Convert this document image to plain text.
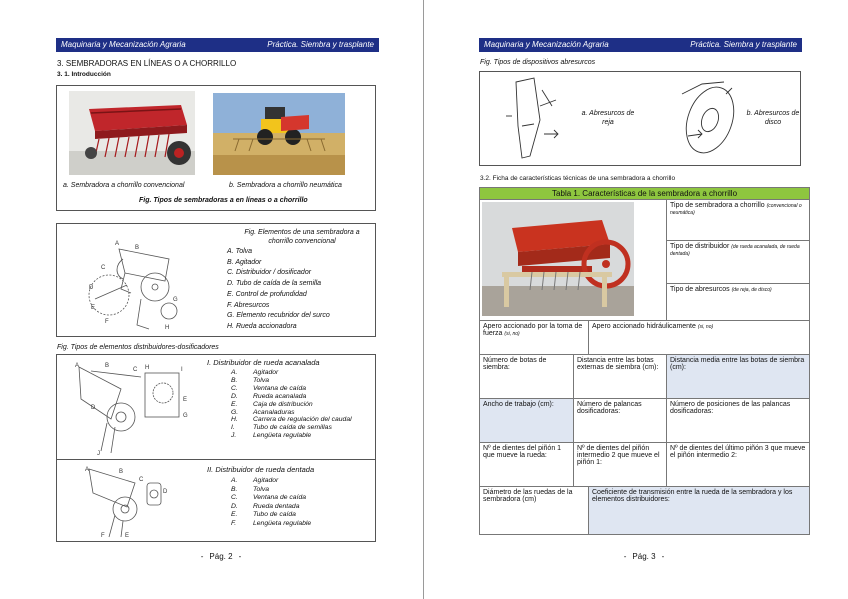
Maquinaria y Mecanización Agraria	Práctica. Siembra y trasplante
3. SEMBRADORAS EN LÍNEAS O A CHORRILLO
3. 1. Introducción
a. Sembradora a chorrillo convencional	b. Sembradora a chorrillo neumática
Fig. Tipos de sembradoras a en líneas o a chorrillo
A
B
C
D
E
F
G
H
Fig. Elementos de una sembradora a chorrillo convencional
A. Tolva
B. Agitador
C. Distribuidor / dosificador
D. Tubo de caída de la semilla
E. Control de profundidad
F. Abresurcos
G. Elemento recubridor del surco
H. Rueda accionadora
Fig. Tipos de elementos distribuidores-dosificadores
A	B
C H	I
E
G
D
J
I. Distribuidor de rueda acanalada
A. Agitador
B. Tolva
C. Ventana de caída
D. Rueda acanalada
E. Caja de distribución
G. Acanaladuras
H. Carrera de regulación del caudal
I.	Tubo de caída de semillas
J. Lengüeta regulable
A	B
C
D
F	E
II. Distribuidor de rueda dentada
A. Agitador
B. Tolva
C. Ventana de caída
D. Rueda dentada
E. Tubo de caída
F. Lengüeta regulable
- Pág. 2 -
Maquinaria y Mecanización Agraria	Práctica. Siembra y trasplante
Fig. Tipos de dispositivos abresurcos
a. Abresurcos de reja
b. Abresurcos de disco
3.2. Ficha de características técnicas de una sembradora a chorrillo
- Pág. 3 -
Tabla 1. Características de la sembradora a chorrillo			
	Tipo de sembradora a chorrillo (convencional o neumática)
			Tipo de distribuidor (de rueda acanalada, de rueda dentada)
			Tipo de abresurcos (de reja, de disco)
Apero accionado por la toma de fuerza (si, no)		Apero accionado hidráulicamente (si, no)	
Número de botas de siembra:	Distancia entre las botas externas de siembra (cm):		Distancia media entre las botas de siembra (cm):
Ancho de trabajo (cm):	Número de palancas dosificadoras:		Número de posiciones de las palancas dosificadoras:
Nº de dientes del piñón 1 que mueve la rueda:	Nº de dientes del piñón intermedio 2 que mueve el piñón 1:		Nº de dientes del último piñón 3 que mueve el piñón intermedio 2:
Diámetro de las ruedas de la sembradora (cm)		Coeficiente de transmisión entre la rueda de la sembradora y los elementos distribuidores:	
